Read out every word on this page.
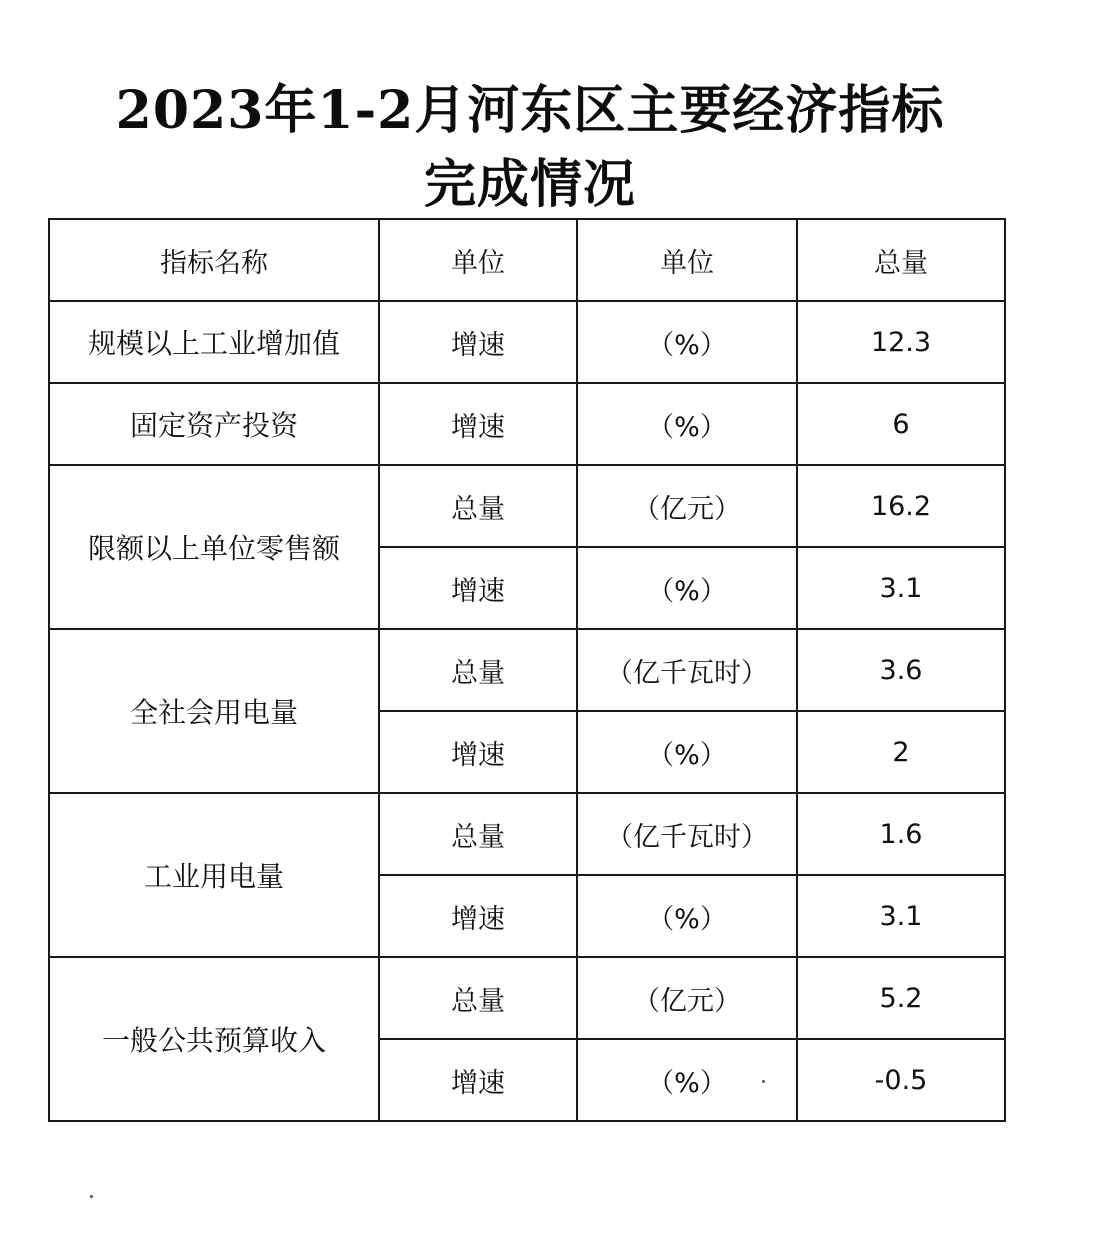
2023年1-2月河东区主要经济指标
完成情况
指标名称	单位	单位	总量
规模以上工业增加值	增速	（%）	12.3
固定资产投资	增速	（%）	6
限额以上单位零售额	总量	（亿元）	16.2
	增速	（%）	3.1
全社会用电量	总量	（亿千瓦时）	3.6
	增速	（%）	2
工业用电量	总量	（亿千瓦时）	1.6
	增速	（%）	3.1
一般公共预算收入	总量	（亿元）	5.2
	增速	（%）	-0.5
